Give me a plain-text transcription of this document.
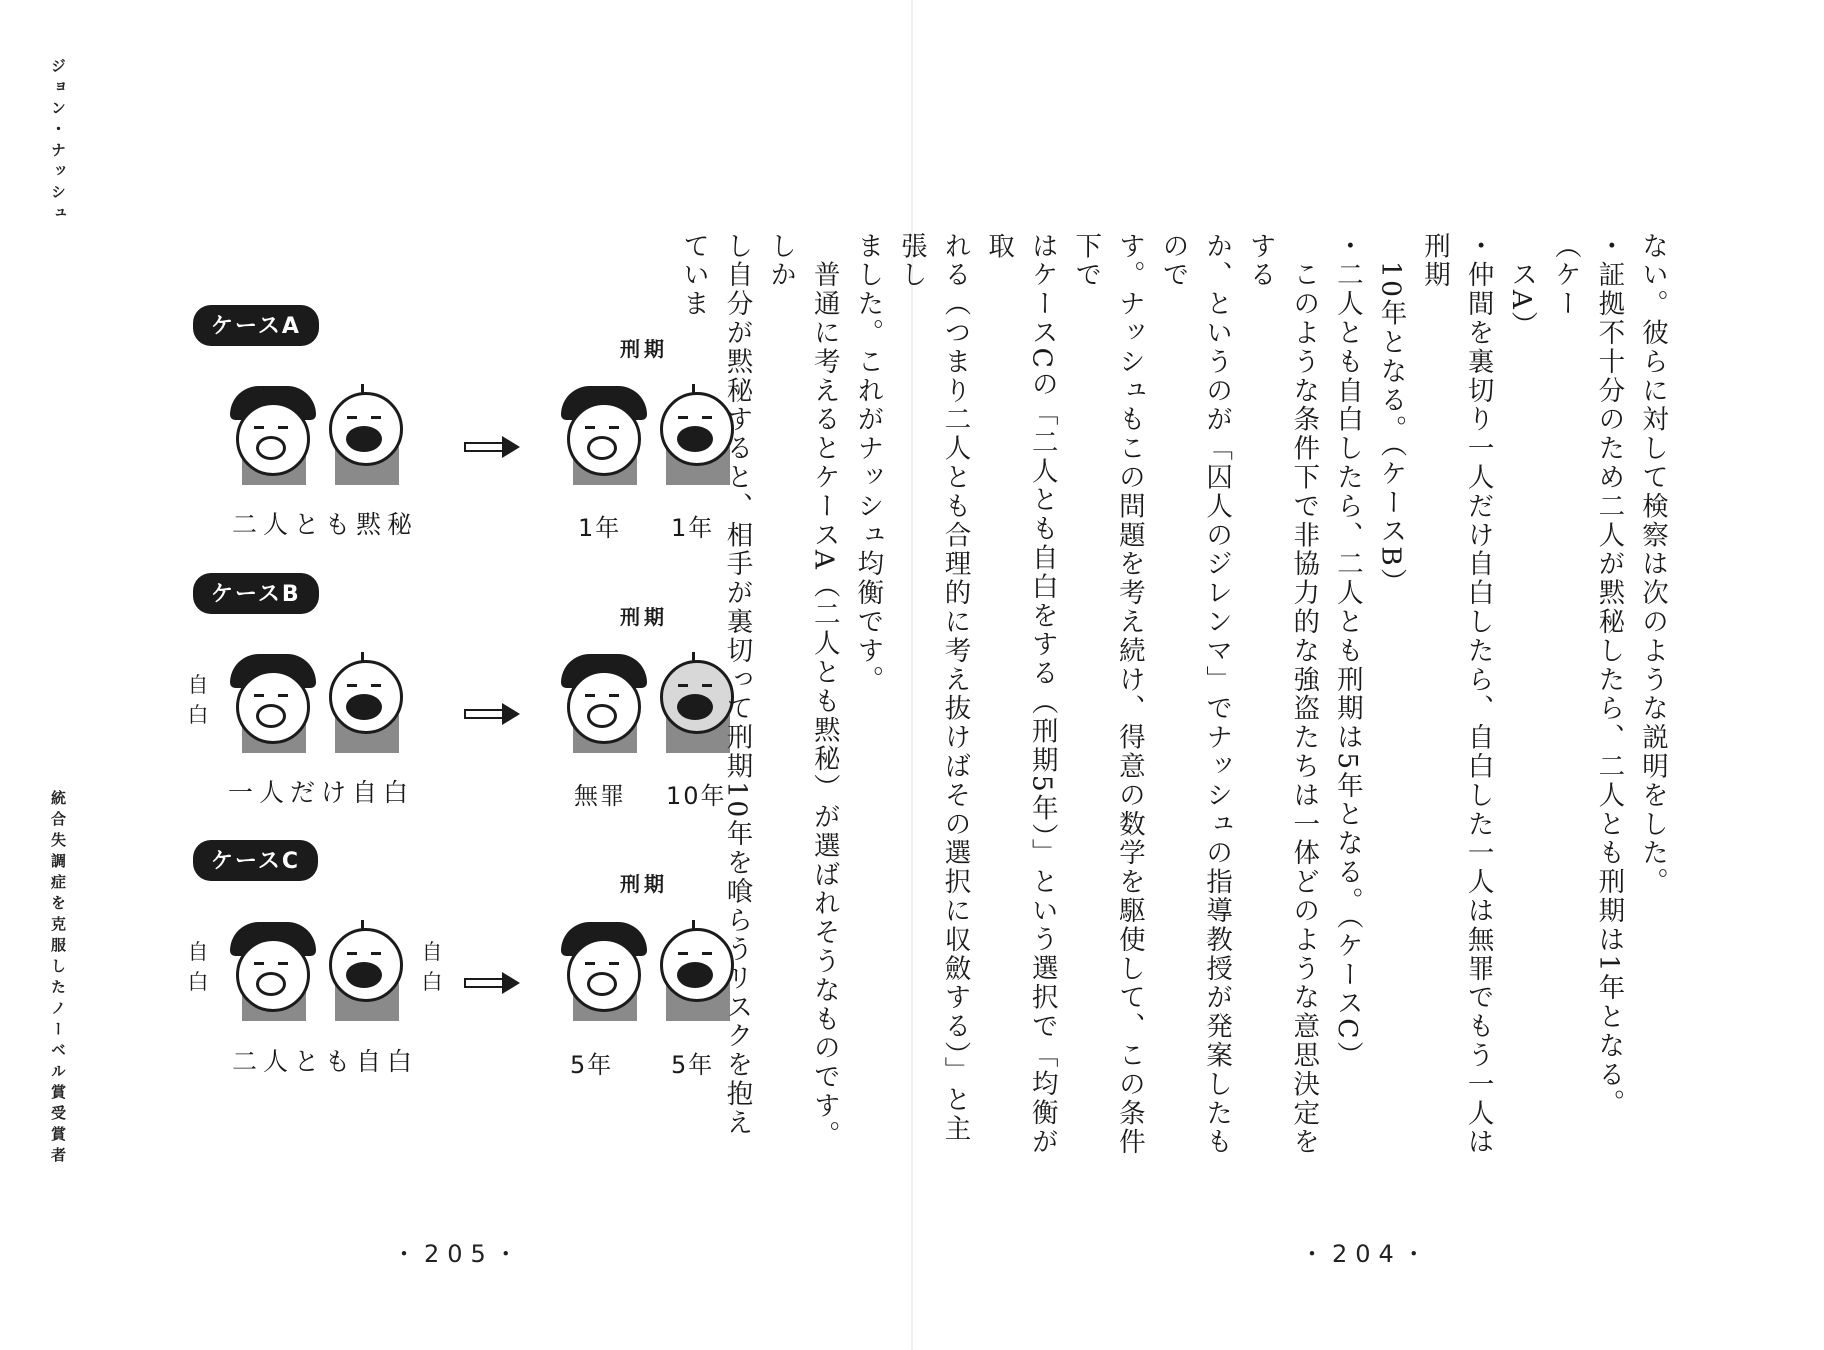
ジョン・ナッシュ
統合失調症を克服したノーベル賞受賞者
ケースA
刑期
二人とも黙秘	1年 1年
ケースB
刑期
自白
一人だけ自白	無罪 10年
ケースC
刑期
自白
自白
二人とも自白	5年 5年
・205・

ない。彼らに対して検察は次のような説明をした。

・証拠不十分のため二人が黙秘したら、二人とも刑期は1年となる。（ケー

　スA）

・仲間を裏切り一人だけ自白したら、自白した一人は無罪でもう一人は刑期

　10年となる。（ケースB）

・二人とも自白したら、二人とも刑期は5年となる。（ケースC）

　このような条件下で非協力的な強盗たちは一体どのような意思決定をする

か、というのが「囚人のジレンマ」でナッシュの指導教授が発案したもので

す。ナッシュもこの問題を考え続け、得意の数学を駆使して、この条件下で

はケースCの「二人とも自白をする（刑期5年）」という選択で「均衡が取

れる（つまり二人とも合理的に考え抜けばその選択に収斂する）」と主張し

ました。これがナッシュ均衡です。

　普通に考えるとケースA（二人とも黙秘）が選ばれそうなものです。しか

し自分が黙秘すると、相手が裏切って刑期10年を喰らうリスクを抱えていま

・204・
